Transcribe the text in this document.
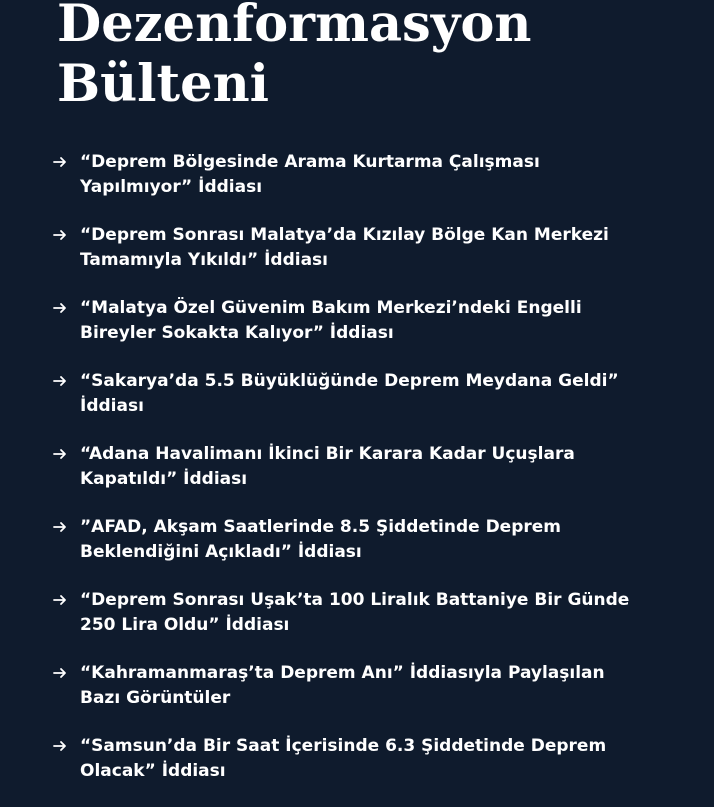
Dezenformasyon
Bülteni
“Deprem Bölgesinde Arama Kurtarma Çalışması
Yapılmıyor” İddiası
“Deprem Sonrası Malatya’da Kızılay Bölge Kan Merkezi
Tamamıyla Yıkıldı” İddiası
“Malatya Özel Güvenim Bakım Merkezi’ndeki Engelli
Bireyler Sokakta Kalıyor” İddiası
“Sakarya’da 5.5 Büyüklüğünde Deprem Meydana Geldi”
İddiası
“Adana Havalimanı İkinci Bir Karara Kadar Uçuşlara
Kapatıldı” İddiası
”AFAD, Akşam Saatlerinde 8.5 Şiddetinde Deprem
Beklendiğini Açıkladı” İddiası
“Deprem Sonrası Uşak’ta 100 Liralık Battaniye Bir Günde
250 Lira Oldu” İddiası
“Kahramanmaraş’ta Deprem Anı” İddiasıyla Paylaşılan
Bazı Görüntüler
“Samsun’da Bir Saat İçerisinde 6.3 Şiddetinde Deprem
Olacak” İddiası
